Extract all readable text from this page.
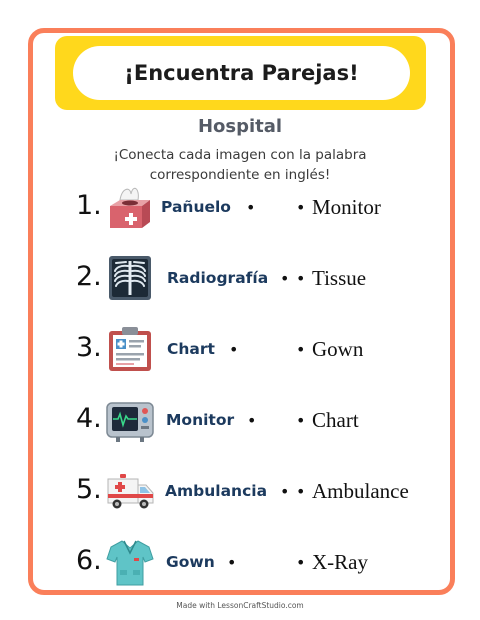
¡Encuentra Parejas!
Hospital
¡Conecta cada imagen con la palabra
correspondiente en inglés!
1.	Pañuelo •	• Monitor
2.	Radiografía • • Tissue
3.	Chart •	• Gown
4.	Monitor • • Chart
5.	Ambulancia • • Ambulance
6.	Gown •	• X-Ray
Made with LessonCraftStudio.com
